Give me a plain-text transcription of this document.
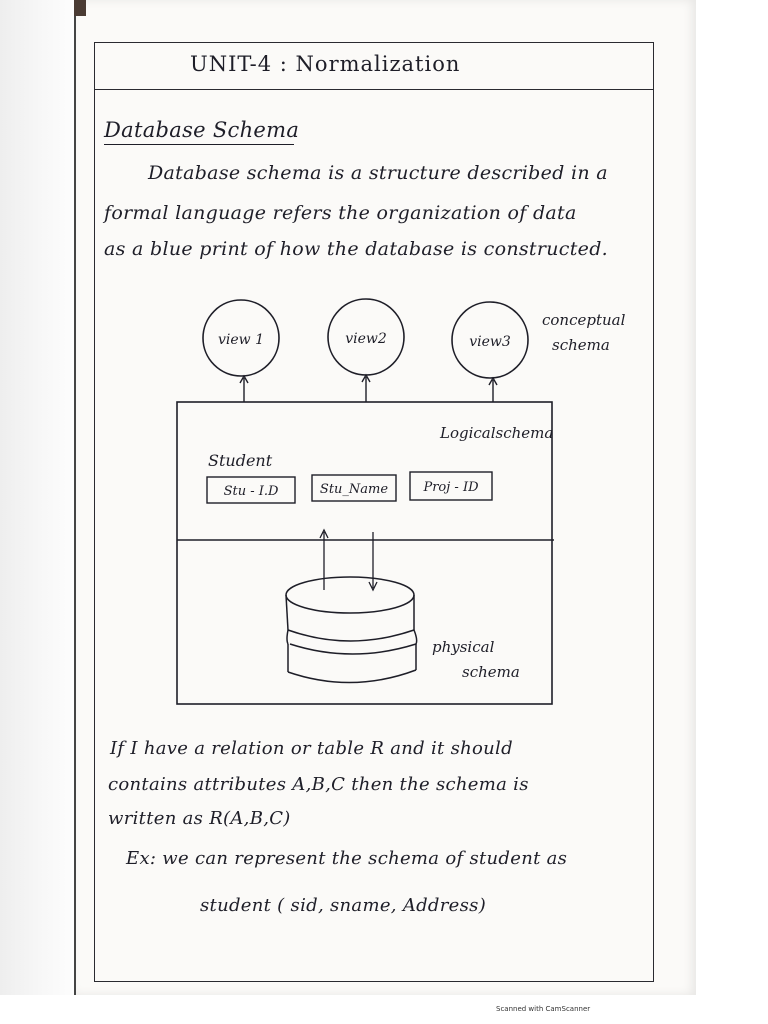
UNIT-4 : Normalization
Database Schema
Database schema is a structure described in a
formal language refers the organization of data
as a blue print of how the database is constructed.
view 1	view2	view3
conceptual
schema
Logicalschema
Student
Stu - I.D	Stu_Name	Proj - ID
physical
schema
If I have a relation or table R and it should
contains attributes A,B,C then the schema is
written as R(A,B,C)
Ex: we can represent the schema of student as
student ( sid, sname, Address)
Scanned with CamScanner
